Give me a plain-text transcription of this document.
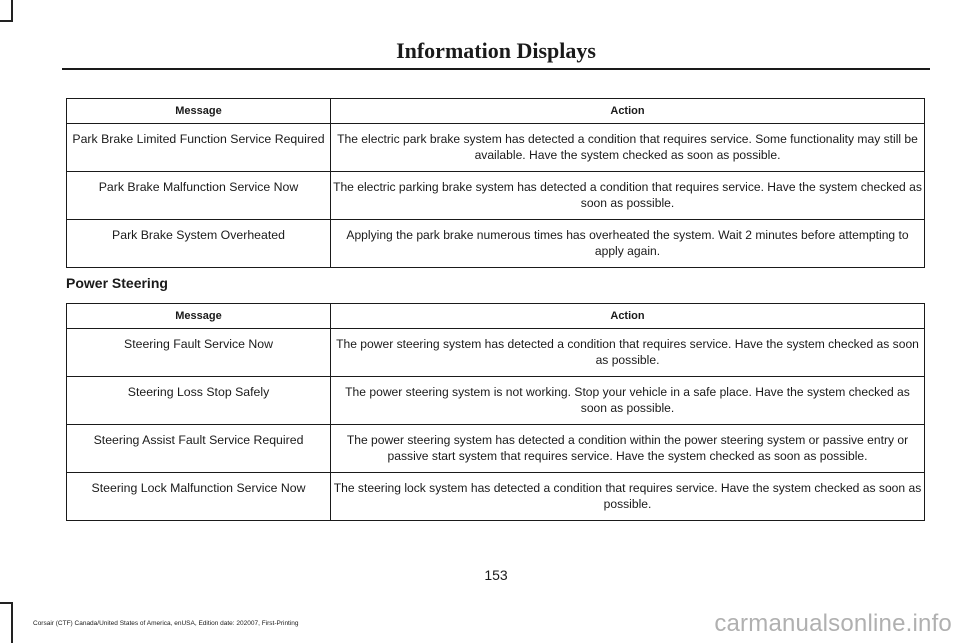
Information Displays
Message	Action
Park Brake Limited Function Service Required	The electric park brake system has detected a condition that requires service. Some functionality may still be available. Have the system checked as soon as possible.
Park Brake Malfunction Service Now	The electric parking brake system has detected a condition that requires service. Have the system checked as soon as possible.
Park Brake System Overheated	Applying the park brake numerous times has overheated the system. Wait 2 minutes before attempting to apply again.
Power Steering
Message	Action
Steering Fault Service Now	The power steering system has detected a condition that requires service. Have the system checked as soon as possible.
Steering Loss Stop Safely	The power steering system is not working. Stop your vehicle in a safe place. Have the system checked as soon as possible.
Steering Assist Fault Service Required	The power steering system has detected a condition within the power steering system or passive entry or passive start system that requires service. Have the system checked as soon as possible.
Steering Lock Malfunction Service Now	The steering lock system has detected a condition that requires service. Have the system checked as soon as possible.
153
Corsair (CTF) Canada/United States of America, enUSA, Edition date: 202007, First-Printing	carmanualsonline.info
